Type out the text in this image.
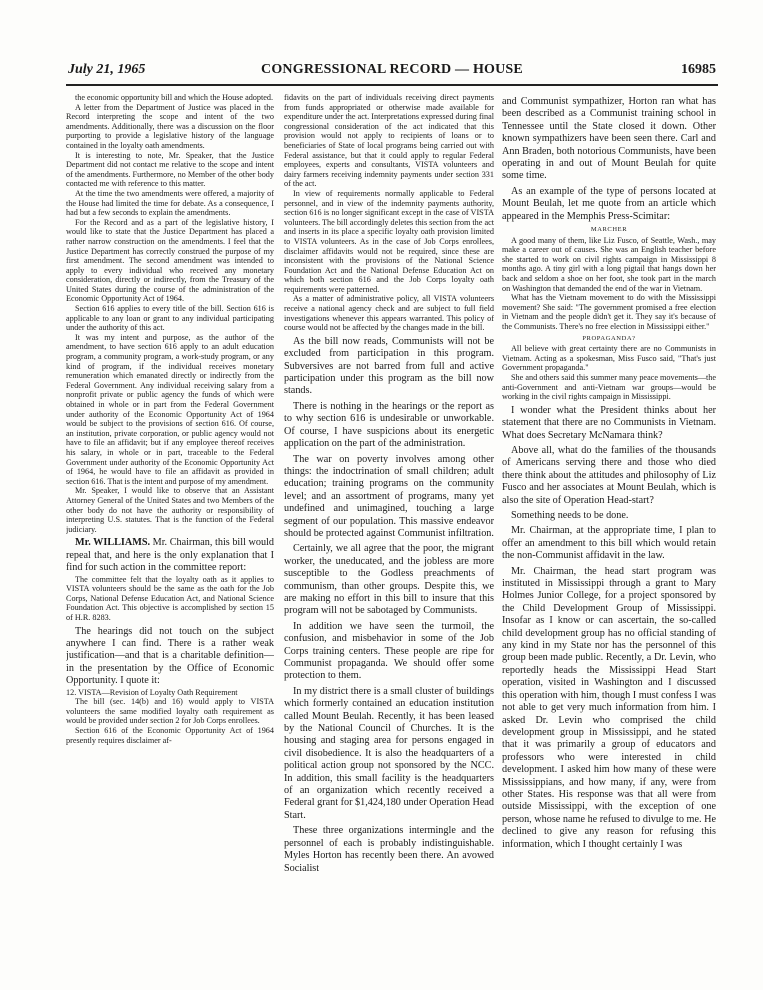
July 21, 1965	CONGRESSIONAL RECORD — HOUSE	16985

the economic opportunity bill and which the House adopted.

A letter from the Department of Justice was placed in the Record interpreting the scope and intent of the two amendments. Additionally, there was a discussion on the floor purporting to provide a legislative history of the language contained in the loyalty oath amendments.

It is interesting to note, Mr. Speaker, that the Justice Department did not contact me relative to the scope and intent of the amendments. Furthermore, no Member of the other body contacted me with reference to this matter.

At the time the two amendments were offered, a majority of the House had limited the time for debate. As a consequence, I had but a few seconds to explain the amendments.

For the Record and as a part of the legislative history, I would like to state that the Justice Department has placed a rather narrow construction on the amendments. I feel that the Justice Department has correctly construed the purpose of my first amendment. The second amendment was intended to apply to every individual who received any monetary consideration, directly or indirectly, from the Treasury of the United States during the course of the administration of the Economic Opportunity Act of 1964.

Section 616 applies to every title of the bill. Section 616 is applicable to any loan or grant to any individual participating under the authority of this act.

It was my intent and purpose, as the author of the amendment, to have section 616 apply to an adult education program, a community program, a work-study program, or any kind of program, if the individual receives monetary remuneration which emanated directly or indirectly from the Federal Government. Any individual receiving salary from a nonprofit private or public agency the funds of which were obtained in whole or in part from the Federal Government under authority of the Economic Opportunity Act of 1964 would be subject to the provisions of section 616. Of course, an institution, private corporation, or public agency would not have to file an affidavit; but if any employee thereof receives his salary, in whole or in part, traceable to the Federal Government under authority of the Economic Opportunity Act of 1964, he would have to file an affidavit as provided in section 616. That is the intent and purpose of my amendment.

Mr. Speaker, I would like to observe that an Assistant Attorney General of the United States and two Members of the other body do not have the authority or responsibility of interpreting U.S. statutes. That is the function of the Federal judiciary.

Mr. WILLIAMS. Mr. Chairman, this bill would repeal that, and here is the only explanation that I find for such action in the committee report:

The committee felt that the loyalty oath as it applies to VISTA volunteers should be the same as the oath for the Job Corps, National Defense Education Act, and National Science Foundation Act. This objective is accomplished by section 15 of H.R. 8283.

The hearings did not touch on the subject anywhere I can find. There is a rather weak justification—and that is a charitable definition—in the presentation by the Office of Economic Opportunity. I quote it:

12. VISTA—Revision of Loyalty Oath Requirement

The bill (sec. 14(b) and 16) would apply to VISTA volunteers the same modified loyalty oath requirement as would be provided under section 2 for Job Corps enrollees.

Section 616 of the Economic Opportunity Act of 1964 presently requires disclaimer af-

fidavits on the part of individuals receiving direct payments from funds appropriated or otherwise made available for expenditure under the act. Interpretations expressed during final congressional consideration of the act indicated that this provision would not apply to recipients of loans or to beneficiaries of State of local programs being carried out with Federal assistance, but that it could apply to regular Federal employees, experts and consultants, VISTA volunteers and dairy farmers receiving indemnity payments under section 331 of the act.

In view of requirements normally applicable to Federal personnel, and in view of the indemnity payments authority, section 616 is no longer significant except in the case of VISTA volunteers. The bill accordingly deletes this section from the act and inserts in its place a specific loyalty oath provision limited to VISTA volunteers. As in the case of Job Corps enrollees, disclaimer affidavits would not be required, since these are inconsistent with the provisions of the National Science Foundation Act and the National Defense Education Act on which both section 616 and the Job Corps loyalty oath requirements were patterned.

As a matter of administrative policy, all VISTA volunteers receive a national agency check and are subject to full field investigations whenever this appears warranted. This policy of course would not be affected by the changes made in the bill.

As the bill now reads, Communists will not be excluded from participation in this program. Subversives are not barred from full and active participation under this program as the bill now stands.

There is nothing in the hearings or the report as to why section 616 is undesirable or unworkable. Of course, I have suspicions about its energetic application on the part of the administration.

The war on poverty involves among other things: the indoctrination of small children; adult education; training programs on the community level; and an assortment of programs, many yet undefined and unimagined, touching a large segment of our population. This massive endeavor should be protected against Communist infiltration.

Certainly, we all agree that the poor, the migrant worker, the uneducated, and the jobless are more susceptible to the Godless preachments of communism, than other groups. Despite this, we are making no effort in this bill to insure that this program will not be sabotaged by Communists.

In addition we have seen the turmoil, the confusion, and misbehavior in some of the Job Corps training centers. These people are ripe for Communist propaganda. We should offer some protection to them.

In my district there is a small cluster of buildings which formerly contained an education institution called Mount Beulah. Recently, it has been leased by the National Council of Churches. It is the housing and staging area for persons engaged in civil disobedience. It is also the headquarters of a political action group not sponsored by the NCC. In addition, this small facility is the headquarters of an organization which recently received a Federal grant for $1,424,180 under Operation Head Start.

These three organizations intermingle and the personnel of each is probably indistinguishable. Myles Horton has recently been there. An avowed Socialist

and Communist sympathizer, Horton ran what has been described as a Communist training school in Tennessee until the State closed it down. Other known sympathizers have been seen there. Carl and Ann Braden, both notorious Communists, have been operating in and out of Mount Beulah for quite some time.

As an example of the type of persons located at Mount Beulah, let me quote from an article which appeared in the Memphis Press-Scimitar:

MARCHER

A good many of them, like Liz Fusco, of Seattle, Wash., may make a career out of causes. She was an English teacher before she started to work on civil rights campaign in Mississippi 8 months ago. A tiny girl with a long pigtail that hangs down her back and seldom a shoe on her foot, she took part in the march on Washington that demanded the end of the war in Vietnam.

What has the Vietnam movement to do with the Mississippi movement? She said: "The government promised a free election in Vietnam and the people didn't get it. They say it's because of the Communists. There's no free election in Mississippi either."

PROPAGANDA?

All believe with great certainty there are no Communists in Vietnam. Acting as a spokesman, Miss Fusco said, "That's just Government propaganda."

She and others said this summer many peace movements—the anti-Government and anti-Vietnam war groups—would be working in the civil rights campaign in Mississippi.

I wonder what the President thinks about her statement that there are no Communists in Vietnam. What does Secretary McNamara think?

Above all, what do the families of the thousands of Americans serving there and those who died there think about the attitudes and philosophy of Liz Fusco and her associates at Mount Beulah, which is also the site of Operation Head-start?

Something needs to be done.

Mr. Chairman, at the appropriate time, I plan to offer an amendment to this bill which would retain the non-Communist affidavit in the law.

Mr. Chairman, the head start program was instituted in Mississippi through a grant to Mary Holmes Junior College, for a project sponsored by the Child Development Group of Mississippi. Insofar as I know or can ascertain, the so-called child development group has no official standing of any kind in my State nor has the personnel of this group been made public. Recently, a Dr. Levin, who reportedly heads the Mississippi Head Start operation, visited in Washington and I discussed this operation with him, though I must confess I was not able to get very much information from him. I asked Dr. Levin who comprised the child development group in Mississippi, and he stated that it was primarily a group of educators and professors who were interested in child development. I asked him how many of these were Mississippians, and how many, if any, were from other States. His response was that all were from outside Mississippi, with the exception of one person, whose name he refused to divulge to me. He declined to give any reason for refusing this information, which I thought certainly I was
